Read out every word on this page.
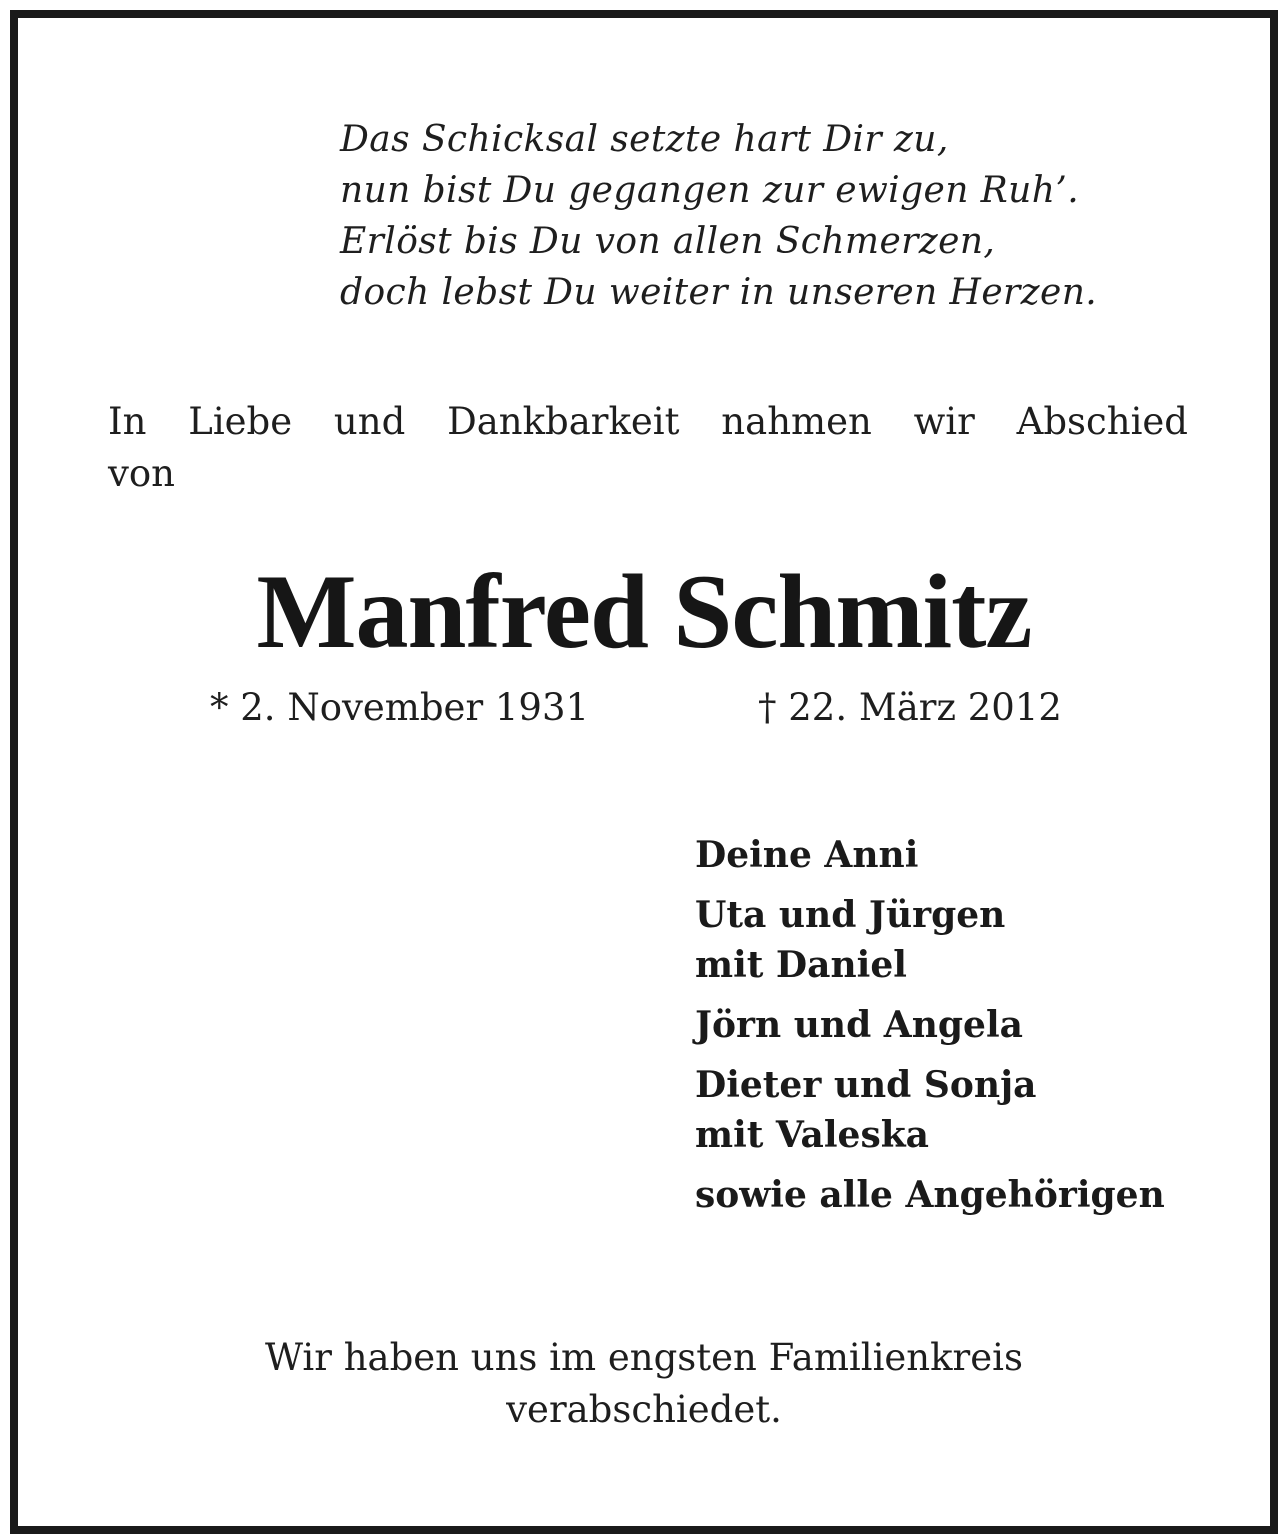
Das Schicksal setzte hart Dir zu,
nun bist Du gegangen zur ewigen Ruh’.
Erlöst bis Du von allen Schmerzen,
doch lebst Du weiter in unseren Herzen.
In Liebe und Dankbarkeit nahmen wir Abschied
von
Manfred Schmitz
* 2. November 1931	† 22. März 2012
Deine Anni
Uta und Jürgen
mit Daniel
Jörn und Angela
Dieter und Sonja
mit Valeska
sowie alle Angehörigen
Wir haben uns im engsten Familienkreis
verabschiedet.
